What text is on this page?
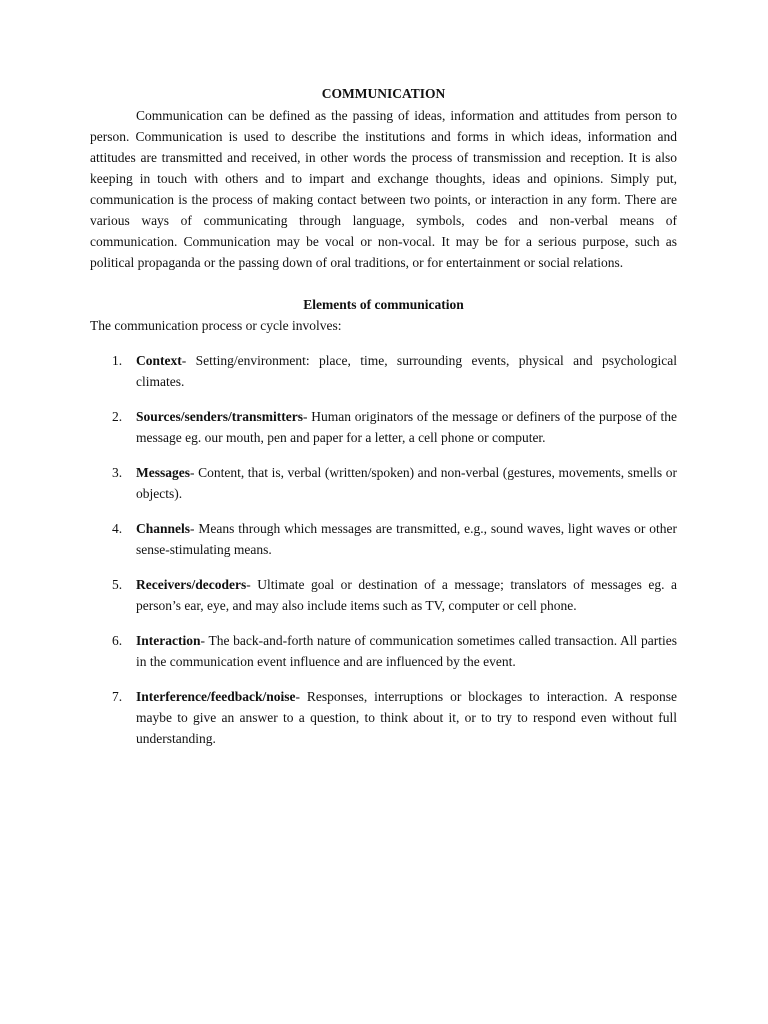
COMMUNICATION

Communication can be defined as the passing of ideas, information and attitudes from person to person. Communication is used to describe the institutions and forms in which ideas, information and attitudes are transmitted and received, in other words the process of transmission and reception. It is also keeping in touch with others and to impart and exchange thoughts, ideas and opinions. Simply put, communication is the process of making contact between two points, or interaction in any form. There are various ways of communicating through language, symbols, codes and non-verbal means of communication. Communication may be vocal or non-vocal. It may be for a serious purpose, such as political propaganda or the passing down of oral traditions, or for entertainment or social relations.

Elements of communication

The communication process or cycle involves:

1. Context- Setting/environment: place, time, surrounding events, physical and psychological climates.
2. Sources/senders/transmitters- Human originators of the message or definers of the purpose of the message eg. our mouth, pen and paper for a letter, a cell phone or computer.
3. Messages- Content, that is, verbal (written/spoken) and non-verbal (gestures, movements, smells or objects).
4. Channels- Means through which messages are transmitted, e.g., sound waves, light waves or other sense-stimulating means.
5. Receivers/decoders- Ultimate goal or destination of a message; translators of messages eg. a person’s ear, eye, and may also include items such as TV, computer or cell phone.
6. Interaction- The back-and-forth nature of communication sometimes called transaction. All parties in the communication event influence and are influenced by the event.
7. Interference/feedback/noise- Responses, interruptions or blockages to interaction. A response maybe to give an answer to a question, to think about it, or to try to respond even without full understanding.
